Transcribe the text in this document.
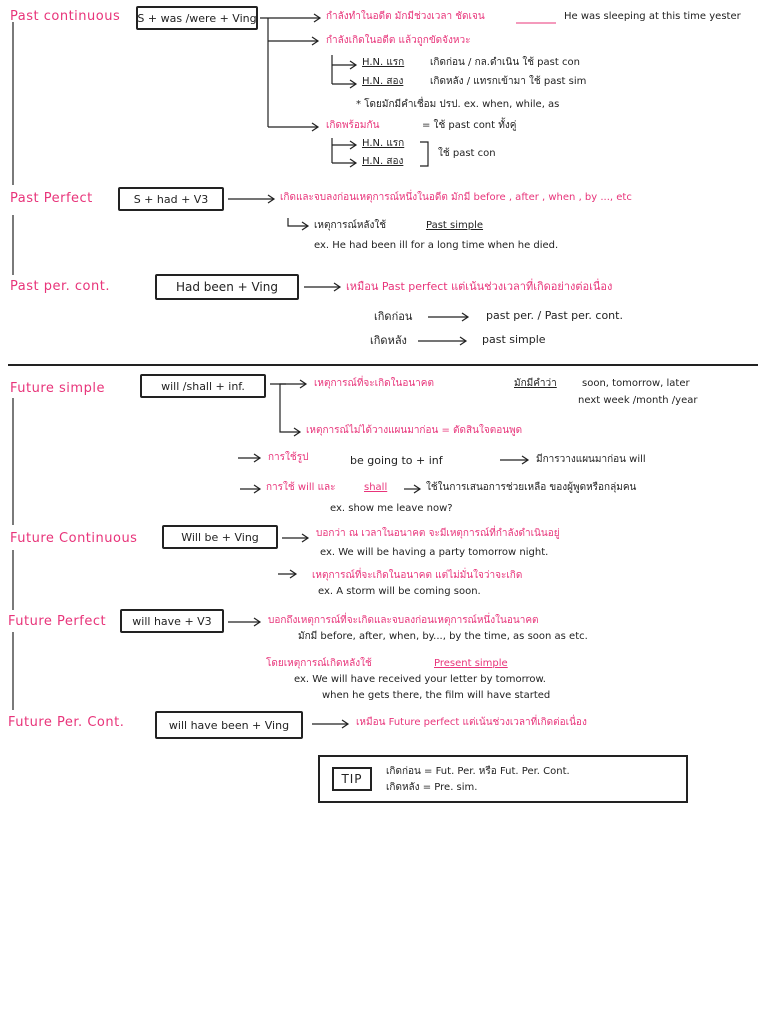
Past continuous S + was /were + Ving	กำลังทำในอดีต มักมีช่วงเวลา ชัดเจน	He was sleeping at this time yester
กำลังเกิดในอดีต แล้วถูกขัดจังหวะ
H.N. แรก	เกิดก่อน / กล.ดำเนิน ใช้ past con
H.N. สอง	เกิดหลัง / แทรกเข้ามา ใช้ past sim
* โดยมักมีคำเชื่อม ปรป. ex. when, while, as
เกิดพร้อมกัน	= ใช้ past cont ทั้งคู่
H.N. แรก
H.N. สอง
ใช้ past con
Past Perfect	S + had + V3	เกิดและจบลงก่อนเหตุการณ์หนึ่งในอดีต มักมี before , after , when , by ..., etc
เหตุการณ์หลังใช้	Past simple
ex. He had been ill for a long time when he died.
Past per. cont.	Had been + Ving	เหมือน Past perfect แต่เน้นช่วงเวลาที่เกิดอย่างต่อเนื่อง
เกิดก่อน	past per. / Past per. cont.
เกิดหลัง	past simple
Future simple	will /shall + inf.	เหตุการณ์ที่จะเกิดในอนาคต	มักมีคำว่า	soon, tomorrow, later
next week /month /year
เหตุการณ์ไม่ได้วางแผนมาก่อน = ตัดสินใจตอนพูด
การใช้รูป	be going to + inf	มีการวางแผนมาก่อน will
การใช้ will และ	shall	ใช้ในการเสนอการช่วยเหลือ ของผู้พูดหรือกลุ่มคน
ex. show me leave now?
Future Continuous	Will be + Ving	บอกว่า ณ เวลาในอนาคต จะมีเหตุการณ์ที่กำลังดำเนินอยู่
ex. We will be having a party tomorrow night.
เหตุการณ์ที่จะเกิดในอนาคต แต่ไม่มั่นใจว่าจะเกิด
ex. A storm will be coming soon.
Future Perfect	will have + V3	บอกถึงเหตุการณ์ที่จะเกิดและจบลงก่อนเหตุการณ์หนึ่งในอนาคต
มักมี before, after, when, by..., by the time, as soon as etc.
โดยเหตุการณ์เกิดหลังใช้	Present simple
ex. We will have received your letter by tomorrow.
when he gets there, the film will have started
Future Per. Cont.	will have been + Ving	เหมือน Future perfect แต่เน้นช่วงเวลาที่เกิดต่อเนื่อง
TIP
เกิดก่อน = Fut. Per. หรือ Fut. Per. Cont.
เกิดหลัง = Pre. sim.
